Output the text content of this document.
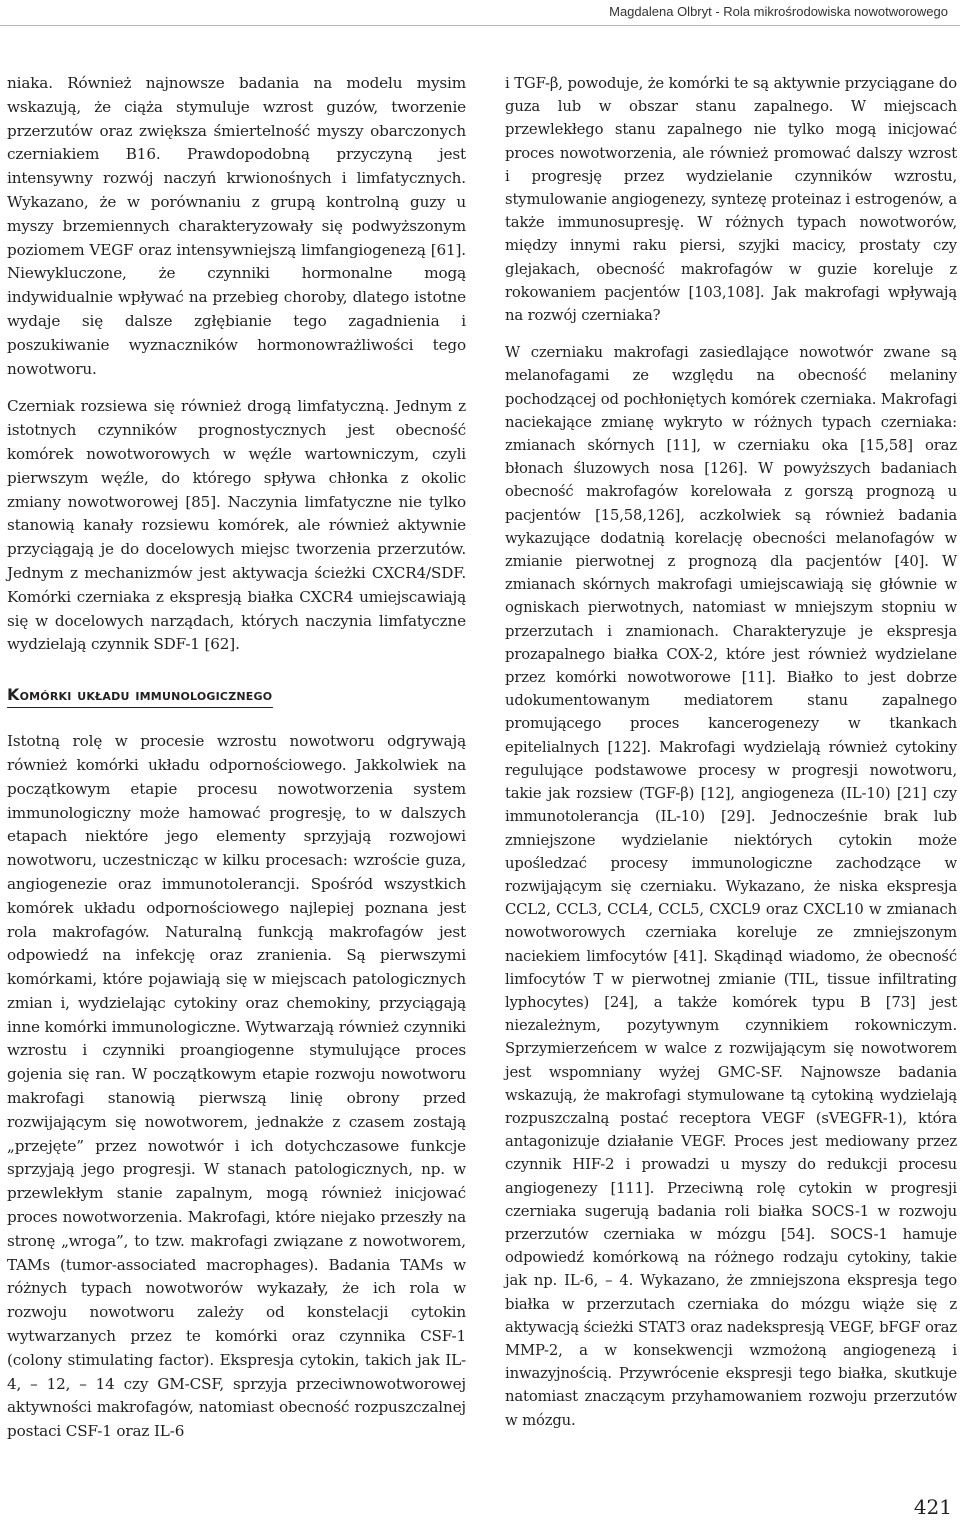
Magdalena Olbryt - Rola mikrośrodowiska nowotworowego

niaka. Również najnowsze badania na modelu mysim wskazują, że ciąża stymuluje wzrost guzów, tworzenie przerzutów oraz zwiększa śmiertelność myszy obarczonych czerniakiem B16. Prawdopodobną przyczyną jest intensywny rozwój naczyń krwionośnych i limfatycznych. Wykazano, że w porównaniu z grupą kontrolną guzy u myszy brzemiennych charakteryzowały się podwyższonym poziomem VEGF oraz intensywniejszą limfangiogenezą [61]. Niewykluczone, że czynniki hormonalne mogą indywidualnie wpływać na przebieg choroby, dlatego istotne wydaje się dalsze zgłębianie tego zagadnienia i poszukiwanie wyznaczników hormonowrażliwości tego nowotworu.

Czerniak rozsiewa się również drogą limfatyczną. Jednym z istotnych czynników prognostycznych jest obecność komórek nowotworowych w węźle wartowniczym, czyli pierwszym węźle, do którego spływa chłonka z okolic zmiany nowotworowej [85]. Naczynia limfatyczne nie tylko stanowią kanały rozsiewu komórek, ale również aktywnie przyciągają je do docelowych miejsc tworzenia przerzutów. Jednym z mechanizmów jest aktywacja ścieżki CXCR4/SDF. Komórki czerniaka z ekspresją białka CXCR4 umiejscawiają się w docelowych narządach, których naczynia limfatyczne wydzielają czynnik SDF-1 [62].

Komórki układu immunologicznego

Istotną rolę w procesie wzrostu nowotworu odgrywają również komórki układu odpornościowego. Jakkolwiek na początkowym etapie procesu nowotworzenia system immunologiczny może hamować progresję, to w dalszych etapach niektóre jego elementy sprzyjają rozwojowi nowotworu, uczestnicząc w kilku procesach: wzroście guza, angiogenezie oraz immunotolerancji. Spośród wszystkich komórek układu odpornościowego najlepiej poznana jest rola makrofagów. Naturalną funkcją makrofagów jest odpowiedź na infekcję oraz zranienia. Są pierwszymi komórkami, które pojawiają się w miejscach patologicznych zmian i, wydzielając cytokiny oraz chemokiny, przyciągają inne komórki immunologiczne. Wytwarzają również czynniki wzrostu i czynniki proangiogenne stymulujące proces gojenia się ran. W początkowym etapie rozwoju nowotworu makrofagi stanowią pierwszą linię obrony przed rozwijającym się nowotworem, jednakże z czasem zostają „przejęte” przez nowotwór i ich dotychczasowe funkcje sprzyjają jego progresji. W stanach patologicznych, np. w przewlekłym stanie zapalnym, mogą również inicjować proces nowotworzenia. Makrofagi, które niejako przeszły na stronę „wroga”, to tzw. makrofagi związane z nowotworem, TAMs (tumor-associated macrophages). Badania TAMs w różnych typach nowotworów wykazały, że ich rola w rozwoju nowotworu zależy od konstelacji cytokin wytwarzanych przez te komórki oraz czynnika CSF-1 (colony stimulating factor). Ekspresja cytokin, takich jak IL-4, – 12, – 14 czy GM-CSF, sprzyja przeciwnowotworowej aktywności makrofagów, natomiast obecność rozpuszczalnej postaci CSF-1 oraz IL-6

i TGF-β, powoduje, że komórki te są aktywnie przyciągane do guza lub w obszar stanu zapalnego. W miejscach przewlekłego stanu zapalnego nie tylko mogą inicjować proces nowotworzenia, ale również promować dalszy wzrost i progresję przez wydzielanie czynników wzrostu, stymulowanie angiogenezy, syntezę proteinaz i estrogenów, a także immunosupresję. W różnych typach nowotworów, między innymi raku piersi, szyjki macicy, prostaty czy glejakach, obecność makrofagów w guzie koreluje z rokowaniem pacjentów [103,108]. Jak makrofagi wpływają na rozwój czerniaka?

W czerniaku makrofagi zasiedlające nowotwór zwane są melanofagami ze względu na obecność melaniny pochodzącej od pochłoniętych komórek czerniaka. Makrofagi naciekające zmianę wykryto w różnych typach czerniaka: zmianach skórnych [11], w czerniaku oka [15,58] oraz błonach śluzowych nosa [126]. W powyższych badaniach obecność makrofagów korelowała z gorszą prognozą u pacjentów [15,58,126], aczkolwiek są również badania wykazujące dodatnią korelację obecności melanofagów w zmianie pierwotnej z prognozą dla pacjentów [40]. W zmianach skórnych makrofagi umiejscawiają się głównie w ogniskach pierwotnych, natomiast w mniejszym stopniu w przerzutach i znamionach. Charakteryzuje je ekspresja prozapalnego białka COX-2, które jest również wydzielane przez komórki nowotworowe [11]. Białko to jest dobrze udokumentowanym mediatorem stanu zapalnego promującego proces kancerogenezy w tkankach epitelialnych [122]. Makrofagi wydzielają również cytokiny regulujące podstawowe procesy w progresji nowotworu, takie jak rozsiew (TGF-β) [12], angiogeneza (IL-10) [21] czy immunotolerancja (IL-10) [29]. Jednocześnie brak lub zmniejszone wydzielanie niektórych cytokin może upośledzać procesy immunologiczne zachodzące w rozwijającym się czerniaku. Wykazano, że niska ekspresja CCL2, CCL3, CCL4, CCL5, CXCL9 oraz CXCL10 w zmianach nowotworowych czerniaka koreluje ze zmniejszonym naciekiem limfocytów [41]. Skądinąd wiadomo, że obecność limfocytów T w pierwotnej zmianie (TIL, tissue infiltrating lyphocytes) [24], a także komórek typu B [73] jest niezależnym, pozytywnym czynnikiem rokowniczym. Sprzymierzeńcem w walce z rozwijającym się nowotworem jest wspomniany wyżej GMC-SF. Najnowsze badania wskazują, że makrofagi stymulowane tą cytokiną wydzielają rozpuszczalną postać receptora VEGF (sVEGFR-1), która antagonizuje działanie VEGF. Proces jest mediowany przez czynnik HIF-2 i prowadzi u myszy do redukcji procesu angiogenezy [111]. Przeciwną rolę cytokin w progresji czerniaka sugerują badania roli białka SOCS-1 w rozwoju przerzutów czerniaka w mózgu [54]. SOCS-1 hamuje odpowiedź komórkową na różnego rodzaju cytokiny, takie jak np. IL-6, – 4. Wykazano, że zmniejszona ekspresja tego białka w przerzutach czerniaka do mózgu wiąże się z aktywacją ścieżki STAT3 oraz nadekspresją VEGF, bFGF oraz MMP-2, a w konsekwencji wzmożoną angiogenezą i inwazyjnością. Przywrócenie ekspresji tego białka, skutkuje natomiast znaczącym przyhamowaniem rozwoju przerzutów w mózgu.

421
